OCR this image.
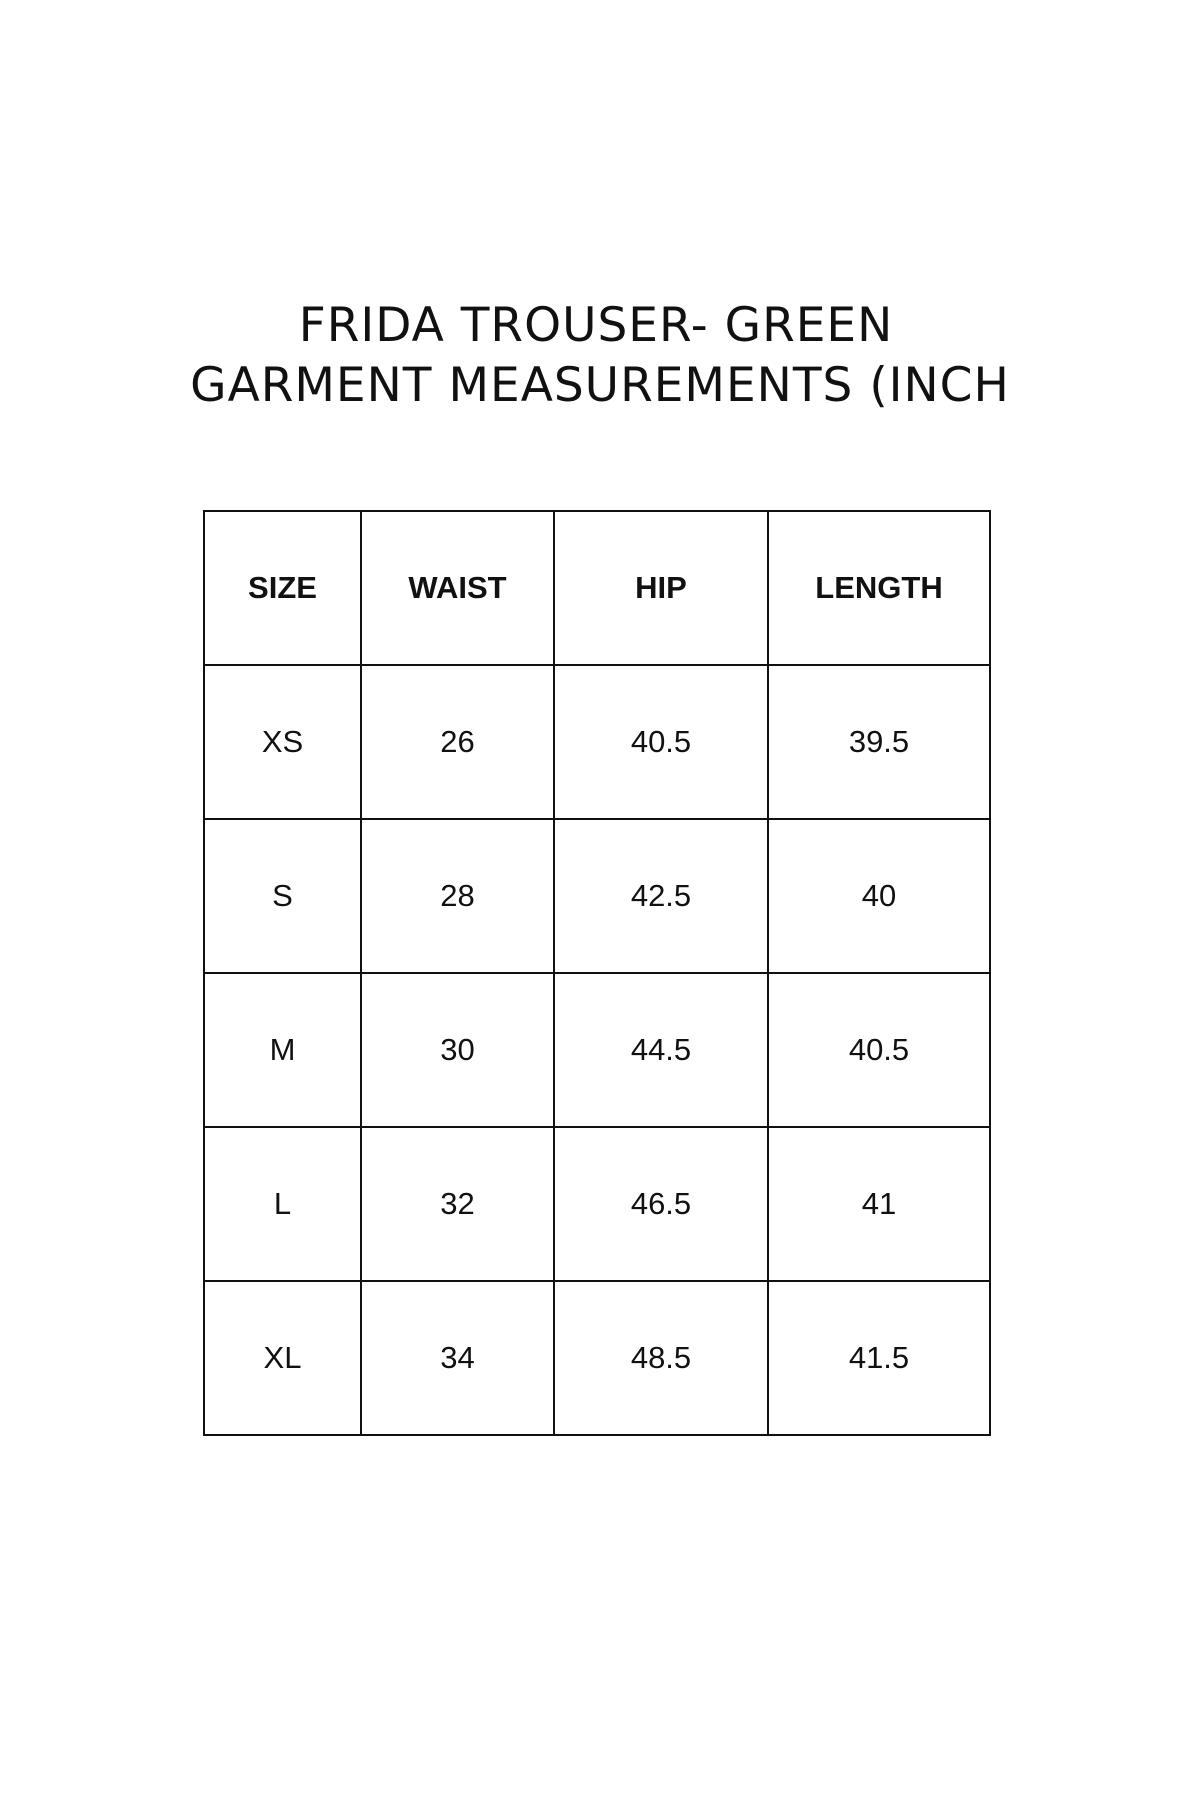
FRIDA TROUSER- GREEN
GARMENT MEASUREMENTS (INCH
SIZE	WAIST	HIP	LENGTH
XS	26	40.5	39.5
S	28	42.5	40
M	30	44.5	40.5
L	32	46.5	41
XL	34	48.5	41.5
